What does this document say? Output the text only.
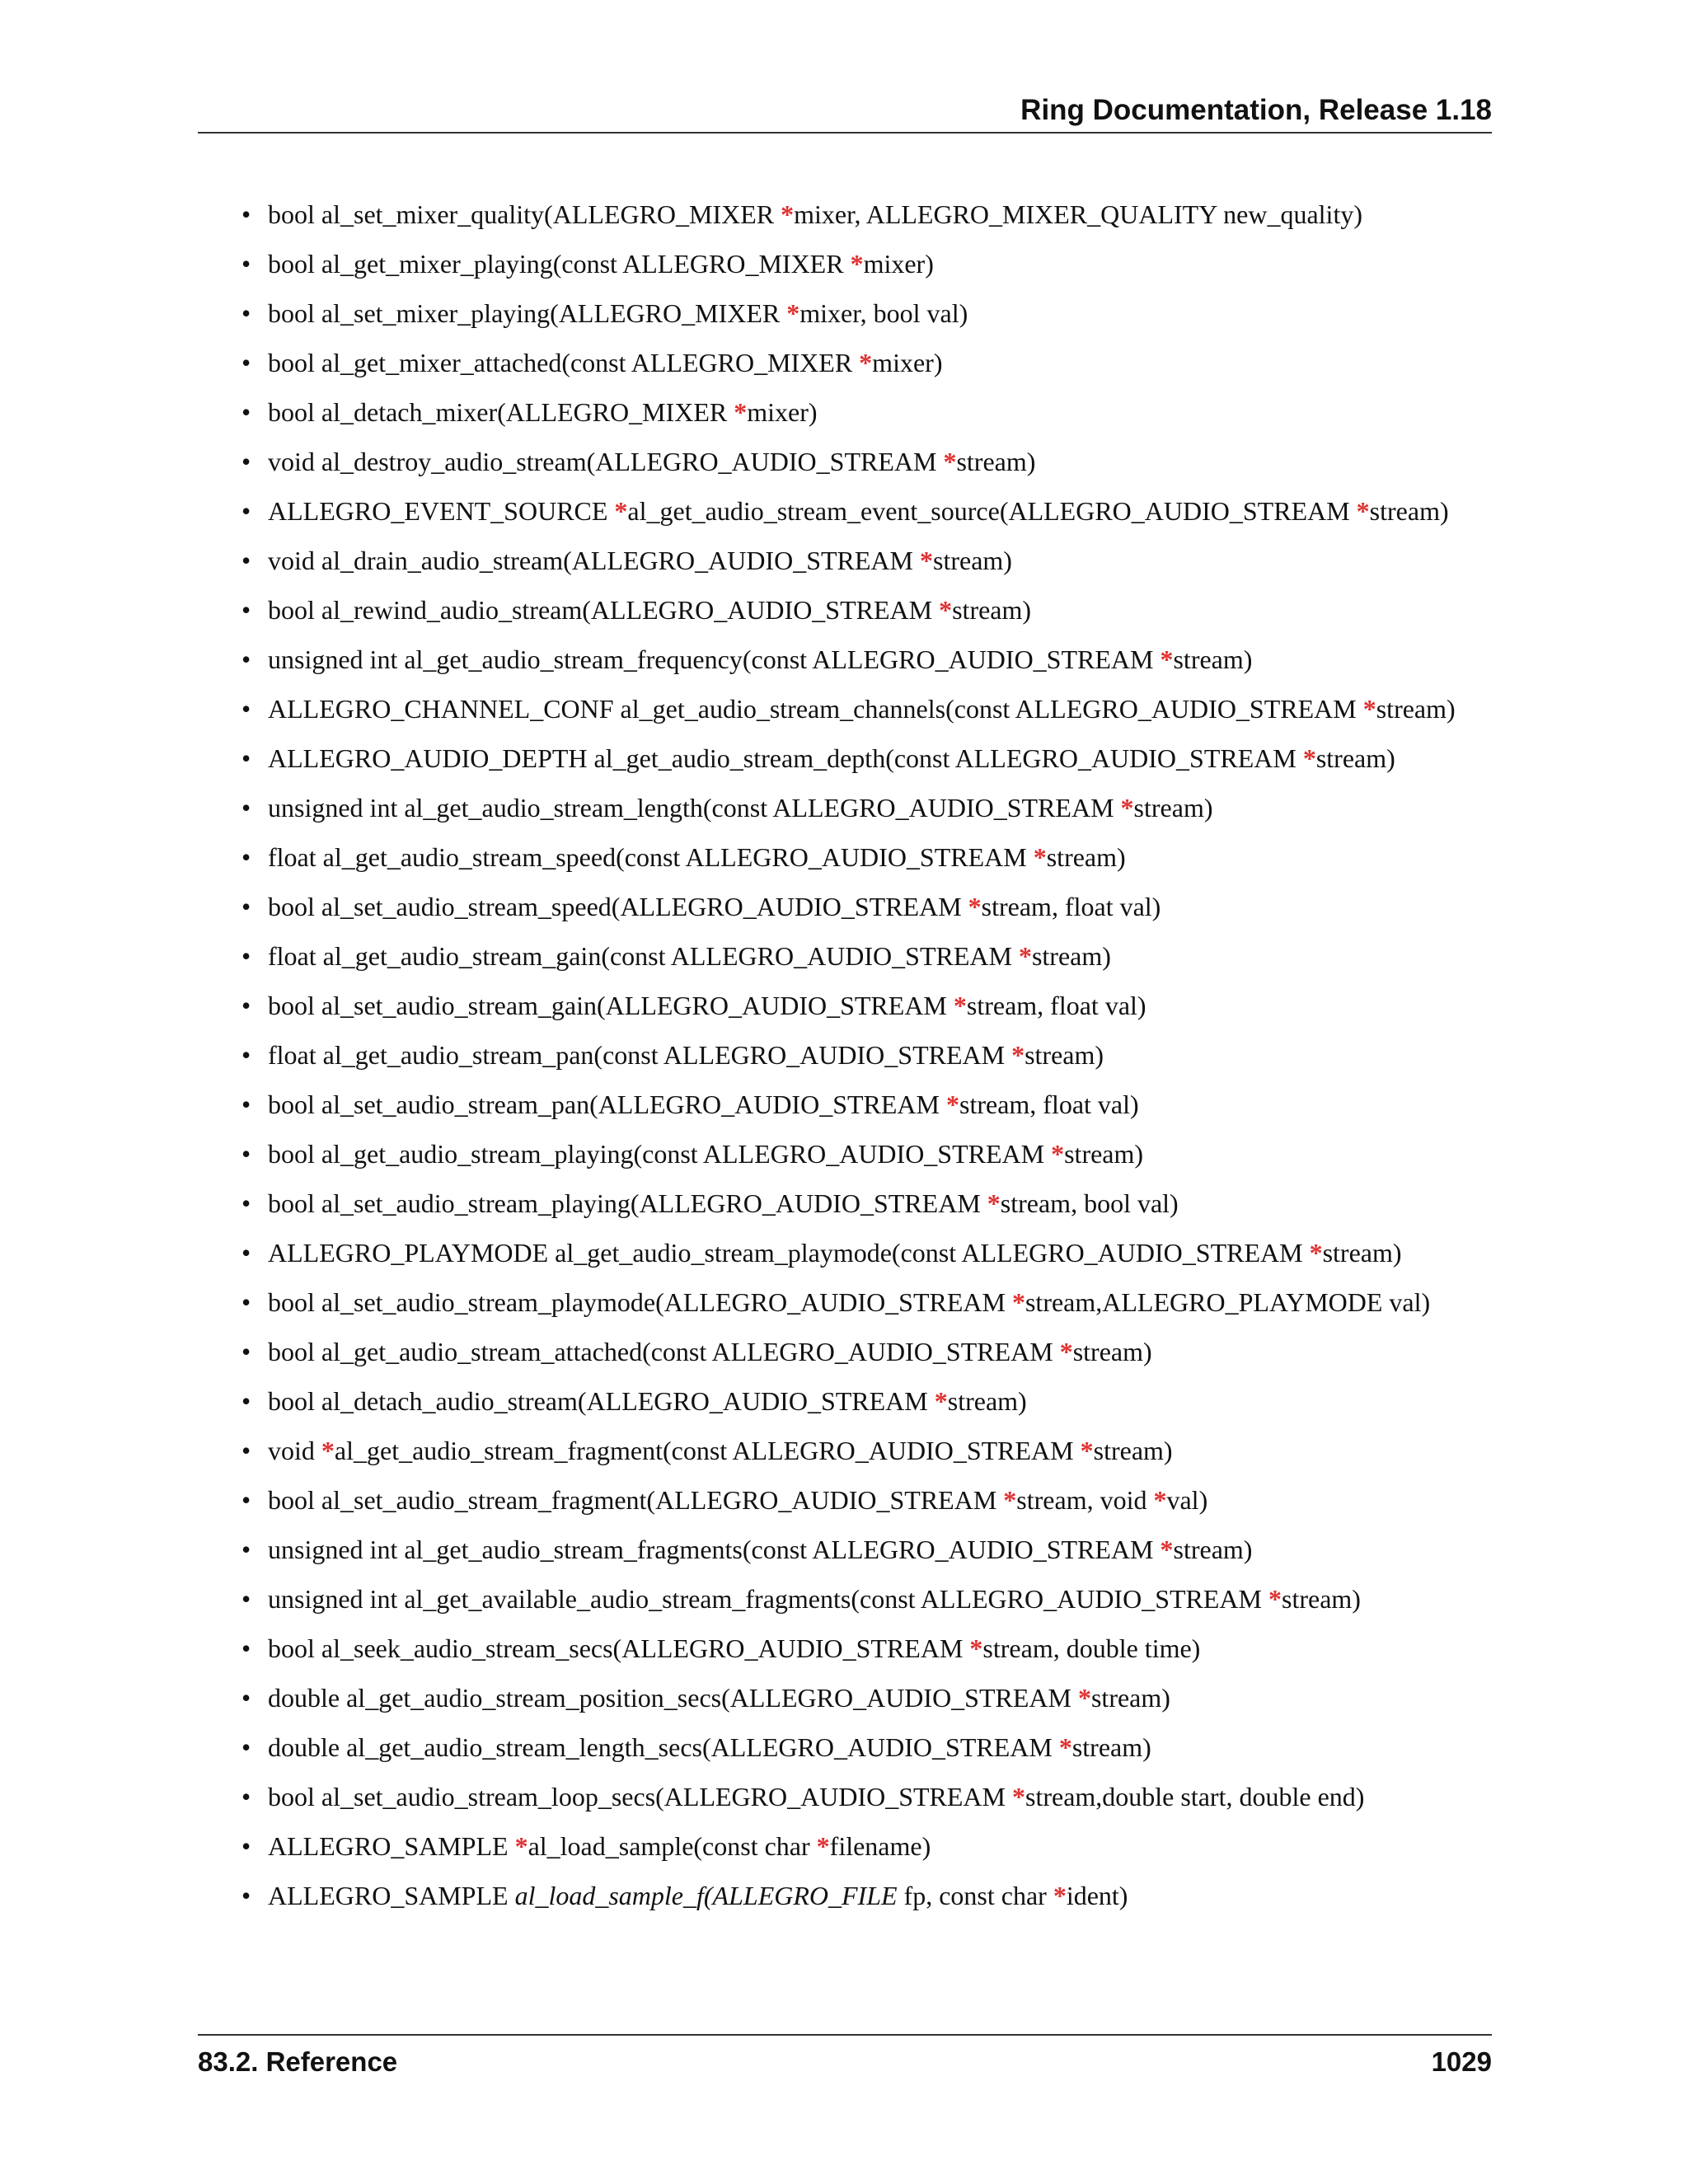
Ring Documentation, Release 1.18
• bool al_set_mixer_quality(ALLEGRO_MIXER *mixer, ALLEGRO_MIXER_QUALITY new_quality)
• bool al_get_mixer_playing(const ALLEGRO_MIXER *mixer)
• bool al_set_mixer_playing(ALLEGRO_MIXER *mixer, bool val)
• bool al_get_mixer_attached(const ALLEGRO_MIXER *mixer)
• bool al_detach_mixer(ALLEGRO_MIXER *mixer)
• void al_destroy_audio_stream(ALLEGRO_AUDIO_STREAM *stream)
• ALLEGRO_EVENT_SOURCE *al_get_audio_stream_event_source(ALLEGRO_AUDIO_STREAM *stream)
• void al_drain_audio_stream(ALLEGRO_AUDIO_STREAM *stream)
• bool al_rewind_audio_stream(ALLEGRO_AUDIO_STREAM *stream)
• unsigned int al_get_audio_stream_frequency(const ALLEGRO_AUDIO_STREAM *stream)
• ALLEGRO_CHANNEL_CONF al_get_audio_stream_channels(const ALLEGRO_AUDIO_STREAM *stream)
• ALLEGRO_AUDIO_DEPTH al_get_audio_stream_depth(const ALLEGRO_AUDIO_STREAM *stream)
• unsigned int al_get_audio_stream_length(const ALLEGRO_AUDIO_STREAM *stream)
• float al_get_audio_stream_speed(const ALLEGRO_AUDIO_STREAM *stream)
• bool al_set_audio_stream_speed(ALLEGRO_AUDIO_STREAM *stream, float val)
• float al_get_audio_stream_gain(const ALLEGRO_AUDIO_STREAM *stream)
• bool al_set_audio_stream_gain(ALLEGRO_AUDIO_STREAM *stream, float val)
• float al_get_audio_stream_pan(const ALLEGRO_AUDIO_STREAM *stream)
• bool al_set_audio_stream_pan(ALLEGRO_AUDIO_STREAM *stream, float val)
• bool al_get_audio_stream_playing(const ALLEGRO_AUDIO_STREAM *stream)
• bool al_set_audio_stream_playing(ALLEGRO_AUDIO_STREAM *stream, bool val)
• ALLEGRO_PLAYMODE al_get_audio_stream_playmode(const ALLEGRO_AUDIO_STREAM *stream)
• bool al_set_audio_stream_playmode(ALLEGRO_AUDIO_STREAM *stream,ALLEGRO_PLAYMODE val)
• bool al_get_audio_stream_attached(const ALLEGRO_AUDIO_STREAM *stream)
• bool al_detach_audio_stream(ALLEGRO_AUDIO_STREAM *stream)
• void *al_get_audio_stream_fragment(const ALLEGRO_AUDIO_STREAM *stream)
• bool al_set_audio_stream_fragment(ALLEGRO_AUDIO_STREAM *stream, void *val)
• unsigned int al_get_audio_stream_fragments(const ALLEGRO_AUDIO_STREAM *stream)
• unsigned int al_get_available_audio_stream_fragments(const ALLEGRO_AUDIO_STREAM *stream)
• bool al_seek_audio_stream_secs(ALLEGRO_AUDIO_STREAM *stream, double time)
• double al_get_audio_stream_position_secs(ALLEGRO_AUDIO_STREAM *stream)
• double al_get_audio_stream_length_secs(ALLEGRO_AUDIO_STREAM *stream)
• bool al_set_audio_stream_loop_secs(ALLEGRO_AUDIO_STREAM *stream,double start, double end)
• ALLEGRO_SAMPLE *al_load_sample(const char *filename)
• ALLEGRO_SAMPLE al_load_sample_f(ALLEGRO_FILE fp, const char *ident)
83.2. Reference	1029
